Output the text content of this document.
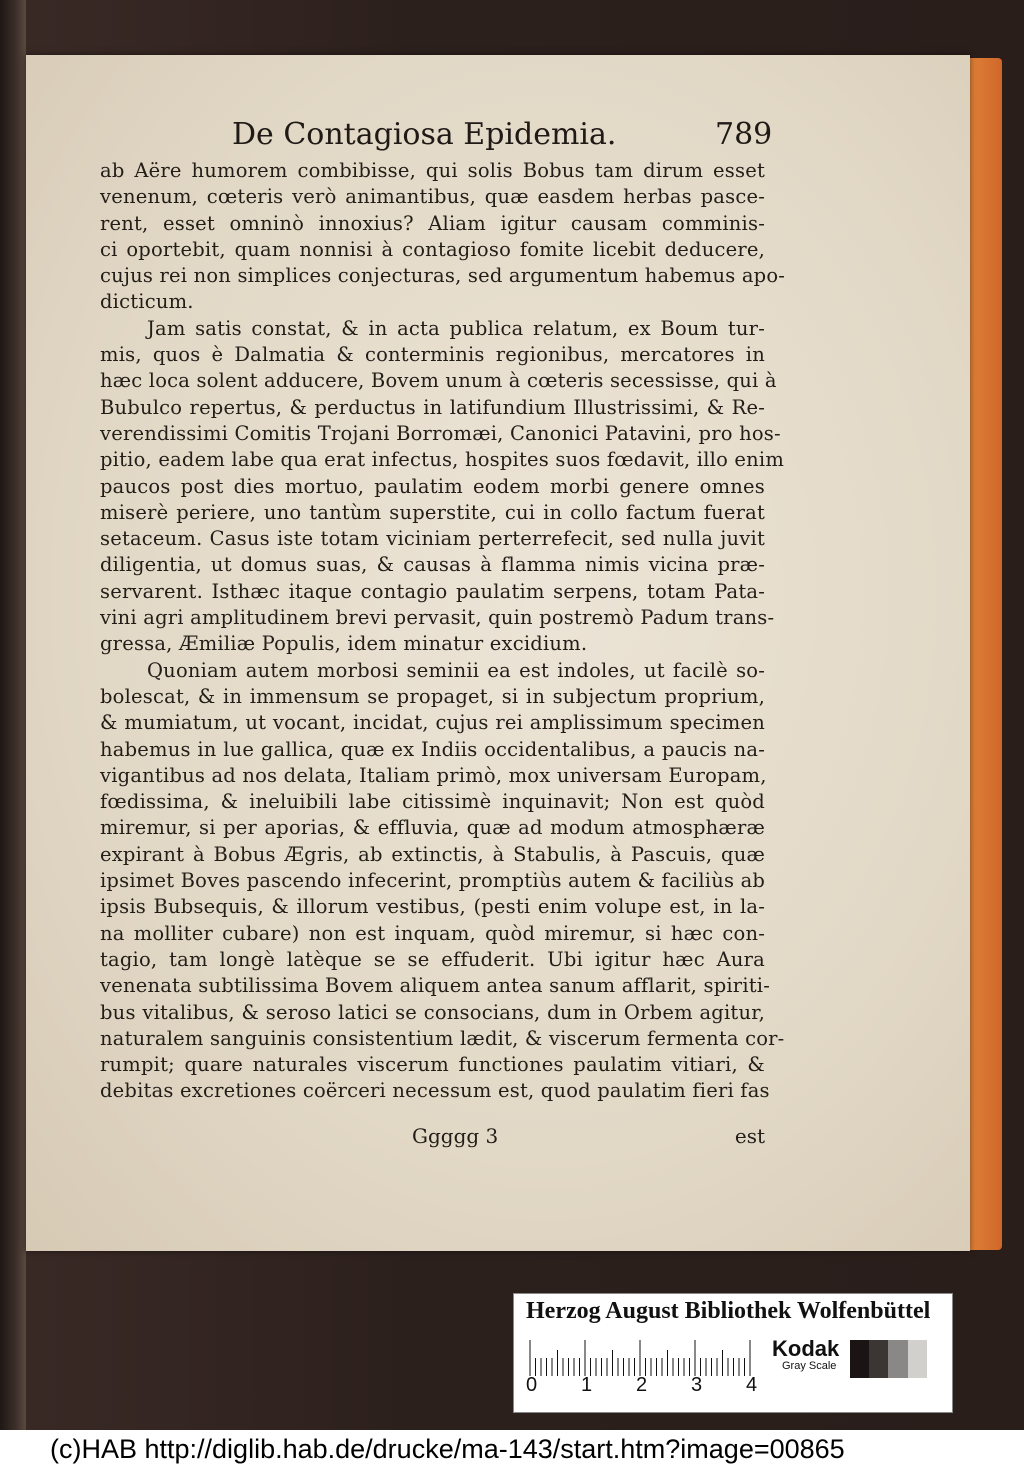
De Contagiosa Epidemia.	789
ab Aëre humorem combibisse, qui solis Bobus tam dirum esset
venenum, cœteris verò animantibus, quæ easdem herbas pasce-
rent, esset omninò innoxius? Aliam igitur causam comminis-
ci oportebit, quam nonnisi à contagioso fomite licebit deducere,
cujus rei non simplices conjecturas, sed argumentum habemus apo-
dicticum.
Jam satis constat, & in acta publica relatum, ex Boum tur-
mis, quos è Dalmatia & conterminis regionibus, mercatores in
hæc loca solent adducere, Bovem unum à cœteris secessisse, qui à
Bubulco repertus, & perductus in latifundium Illustrissimi, & Re-
verendissimi Comitis Trojani Borromæi, Canonici Patavini, pro hos-
pitio, eadem labe qua erat infectus, hospites suos fœdavit, illo enim
paucos post dies mortuo, paulatim eodem morbi genere omnes
miserè periere, uno tantùm superstite, cui in collo factum fuerat
setaceum. Casus iste totam viciniam perterrefecit, sed nulla juvit
diligentia, ut domus suas, & causas à flamma nimis vicina præ-
servarent. Isthæc itaque contagio paulatim serpens, totam Pata-
vini agri amplitudinem brevi pervasit, quin postremò Padum trans-
gressa, Æmiliæ Populis, idem minatur excidium.
Quoniam autem morbosi seminii ea est indoles, ut facilè so-
bolescat, & in immensum se propaget, si in subjectum proprium,
& mumiatum, ut vocant, incidat, cujus rei amplissimum specimen
habemus in lue gallica, quæ ex Indiis occidentalibus, a paucis na-
vigantibus ad nos delata, Italiam primò, mox universam Europam,
fœdissima, & ineluibili labe citissimè inquinavit; Non est quòd
miremur, si per aporias, & effluvia, quæ ad modum atmosphæræ
expirant à Bobus Ægris, ab extinctis, à Stabulis, à Pascuis, quæ
ipsimet Boves pascendo infecerint, promptiùs autem & faciliùs ab
ipsis Bubsequis, & illorum vestibus, (pesti enim volupe est, in la-
na molliter cubare) non est inquam, quòd miremur, si hæc con-
tagio, tam longè latèque se se effuderit. Ubi igitur hæc Aura
venenata subtilissima Bovem aliquem antea sanum afflarit, spiriti-
bus vitalibus, & seroso latici se consocians, dum in Orbem agitur,
naturalem sanguinis consistentium lædit, & viscerum fermenta cor-
rumpit; quare naturales viscerum functiones paulatim vitiari, &
debitas excretiones coërceri necessum est, quod paulatim fieri fas
Ggggg 3	est
Herzog August Bibliothek Wolfenbüttel
0 1 2 3 4
Kodak
Gray Scale
(c)HAB http://diglib.hab.de/drucke/ma-143/start.htm?image=00865
